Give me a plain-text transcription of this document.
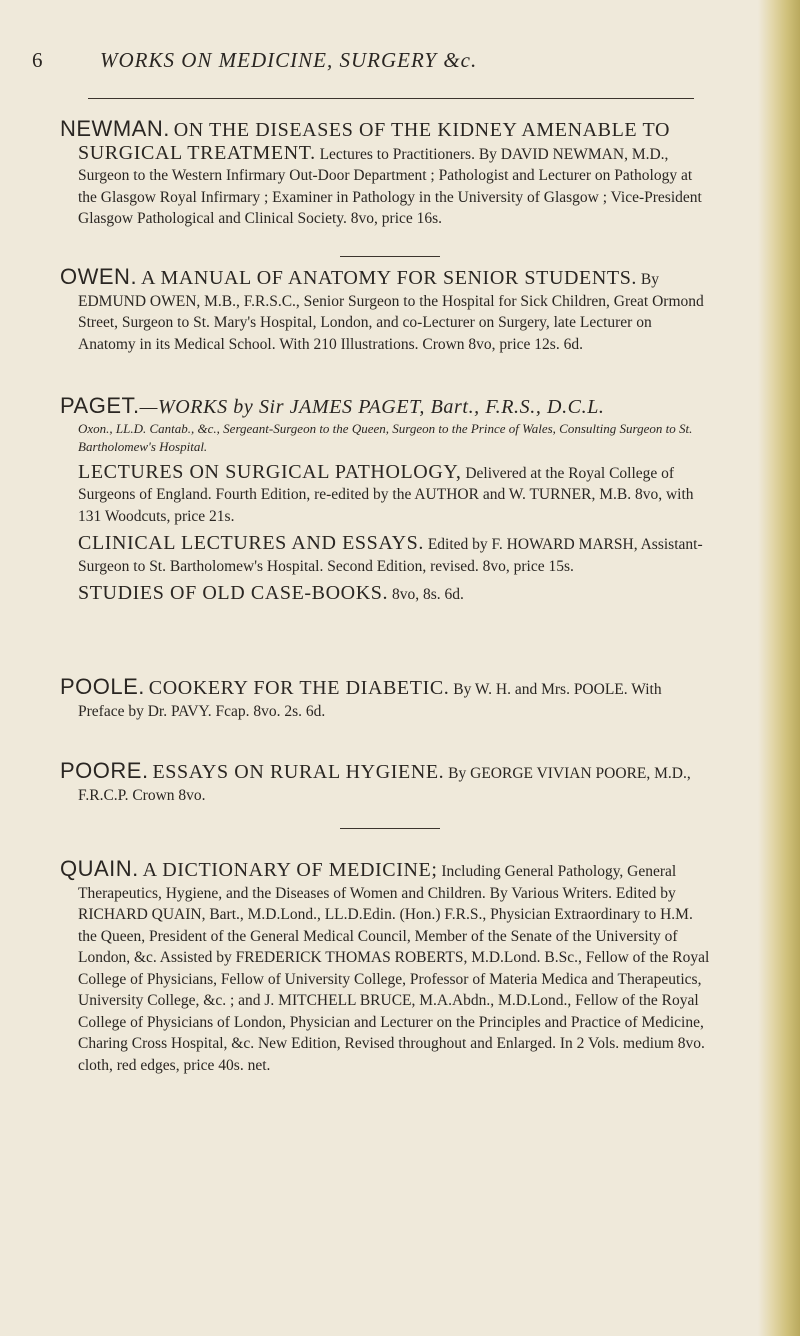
6	WORKS ON MEDICINE, SURGERY &c.

NEWMAN. ON THE DISEASES OF THE KIDNEY AMENABLE TO SURGICAL TREATMENT. Lectures to Practitioners. By DAVID NEWMAN, M.D., Surgeon to the Western Infirmary Out-Door Department ; Pathologist and Lecturer on Pathology at the Glasgow Royal Infirmary ; Examiner in Pathology in the University of Glasgow ; Vice-President Glasgow Pathological and Clinical Society. 8vo, price 16s.

OWEN. A MANUAL OF ANATOMY FOR SENIOR STUDENTS. By EDMUND OWEN, M.B., F.R.S.C., Senior Surgeon to the Hospital for Sick Children, Great Ormond Street, Surgeon to St. Mary's Hospital, London, and co-Lecturer on Surgery, late Lecturer on Anatomy in its Medical School. With 210 Illustrations. Crown 8vo, price 12s. 6d.

PAGET.—WORKS by Sir JAMES PAGET, Bart., F.R.S., D.C.L.

Oxon., LL.D. Cantab., &c., Sergeant-Surgeon to the Queen, Surgeon to the Prince of Wales, Consulting Surgeon to St. Bartholomew's Hospital.

LECTURES ON SURGICAL PATHOLOGY, Delivered at the Royal College of Surgeons of England. Fourth Edition, re-edited by the AUTHOR and W. TURNER, M.B. 8vo, with 131 Woodcuts, price 21s.

CLINICAL LECTURES AND ESSAYS. Edited by F. HOWARD MARSH, Assistant-Surgeon to St. Bartholomew's Hospital. Second Edition, revised. 8vo, price 15s.

STUDIES OF OLD CASE-BOOKS. 8vo, 8s. 6d.

POOLE. COOKERY FOR THE DIABETIC. By W. H. and Mrs. POOLE. With Preface by Dr. PAVY. Fcap. 8vo. 2s. 6d.

POORE. ESSAYS ON RURAL HYGIENE. By GEORGE VIVIAN POORE, M.D., F.R.C.P. Crown 8vo.

QUAIN. A DICTIONARY OF MEDICINE; Including General Pathology, General Therapeutics, Hygiene, and the Diseases of Women and Children. By Various Writers. Edited by RICHARD QUAIN, Bart., M.D.Lond., LL.D.Edin. (Hon.) F.R.S., Physician Extraordinary to H.M. the Queen, President of the General Medical Council, Member of the Senate of the University of London, &c. Assisted by FREDERICK THOMAS ROBERTS, M.D.Lond. B.Sc., Fellow of the Royal College of Physicians, Fellow of University College, Professor of Materia Medica and Therapeutics, University College, &c. ; and J. MITCHELL BRUCE, M.A.Abdn., M.D.Lond., Fellow of the Royal College of Physicians of London, Physician and Lecturer on the Principles and Practice of Medicine, Charing Cross Hospital, &c. New Edition, Revised throughout and Enlarged. In 2 Vols. medium 8vo. cloth, red edges, price 40s. net.
